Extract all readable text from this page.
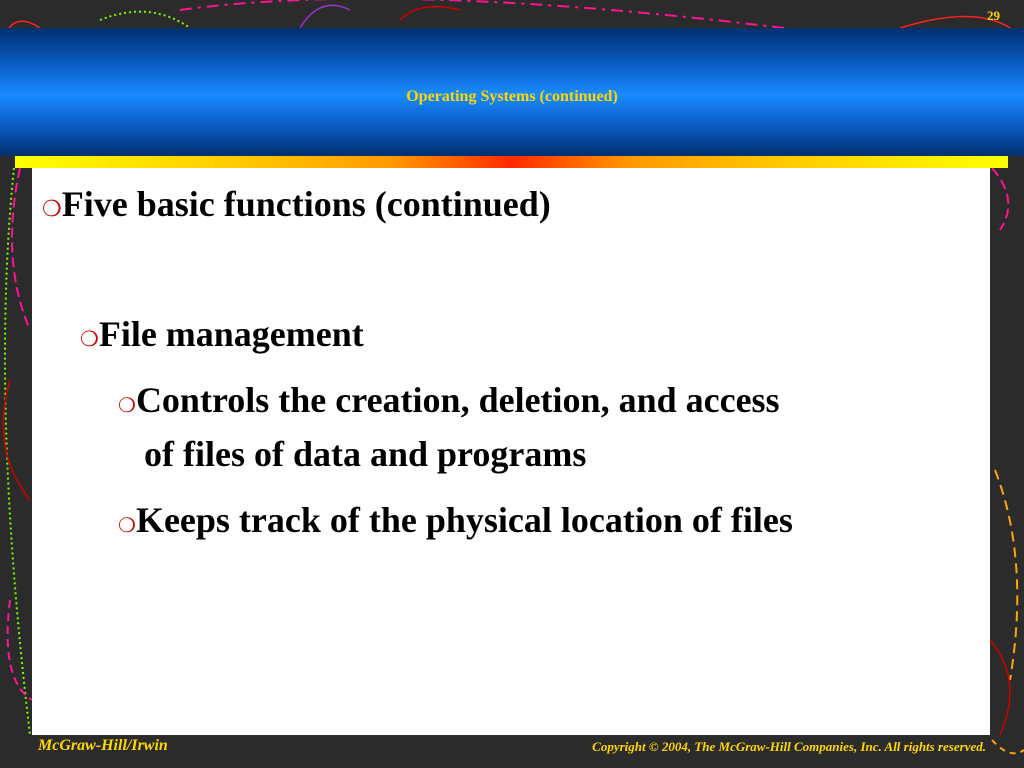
29
Operating Systems (continued)
❍Five basic functions (continued)
❍File management
❍Controls the creation, deletion, and access
of files of data and programs
❍Keeps track of the physical location of files
McGraw-Hill/Irwin	Copyright © 2004, The McGraw-Hill Companies, Inc. All rights reserved.
